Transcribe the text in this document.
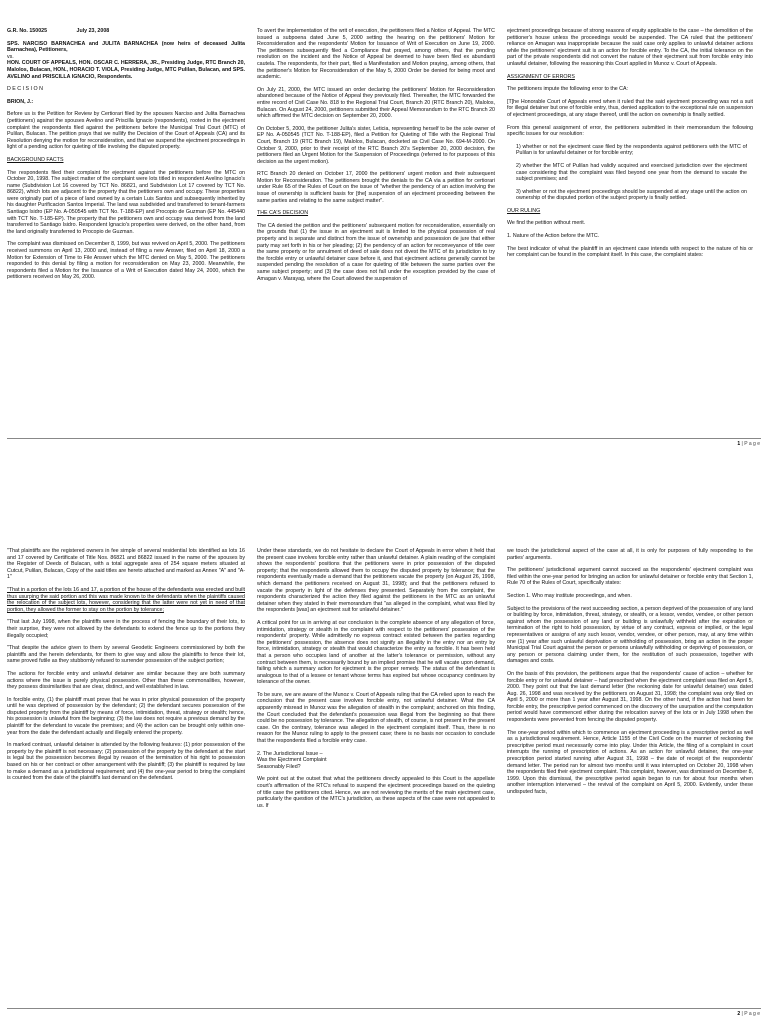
G.R. No. 150025	July 23, 2008

SPS. NARCISO BARNACHEA and JULITA BARNACHEA (now heirs of deceased Julita Barnachea), Petitioners,

vs.

HON. COURT OF APPEALS, HON. OSCAR C. HERRERA, JR., Presiding Judge, RTC Branch 20, Malolos, Bulacan, HON., HORACIO T. VIOLA, Presiding Judge, MTC Pulilan, Bulacan, and SPS. AVELINO and PRISCILLA IGNACIO, Respondents.

D E C I S I O N

BRION, J.:

Before us is the Petition for Review by Certiorari filed by the spouses Narciso and Julita Barnachea (petitioners) against the spouses Avelino and Priscilla Ignacio (respondents), rooted in the ejectment complaint the respondents filed against the petitioners before the Municipal Trial Court (MTC) of Pulilan, Bulacan. The petition prays that we nullify the Decision of the Court of Appeals (CA) and its Resolution denying the motion for reconsideration, and that we suspend the ejectment proceedings in light of a pending action for quieting of title involving the disputed property.

BACKGROUND FACTS

The respondents filed their complaint for ejectment against the petitioners before the MTC on October 20, 1998. The subject matter of the complaint were lots titled in respondent Avelino Ignacio's name (Subdivision Lot 16 covered by TCT No. 86821, and Subdivision Lot 17 covered by TCT No. 86822), which lots are adjacent to the property that the petitioners own and occupy. These properties were originally part of a piece of land owned by a certain Luis Santos and subsequently inherited by his daughter Purificacion Santos Imperial. The land was subdivided and transferred to tenant-farmers Santiago Isidro (EP No. A-050545 with TCT No. T-188-EP) and Procopio de Guzman (EP No. 445440 with TCT No. T-185-EP). The property that the petitioners own and occupy was derived from the land transferred to Santiago Isidro. Respondent Ignacio's properties were derived, on the other hand, from the land originally transferred to Procopio de Guzman.

The complaint was dismissed on December 8, 1999, but was revived on April 5, 2000. The petitioners received summons on April 13, 2000 and, instead of filing a new Answer, filed on April 18, 2000 a Motion for Extension of Time to File Answer which the MTC denied on May 5, 2000. The petitioners responded to this denial by filing a motion for reconsideration on May 23, 2000. Meanwhile, the respondents filed a Motion for the Issuance of a Writ of Execution dated May 24, 2000, which the petitioners received on May 26, 2000.

To avert the implementation of the writ of execution, the petitioners filed a Notice of Appeal. The MTC issued a subpoena dated June 5, 2000 setting the hearing on the petitioners' Motion for Reconsideration and the respondents' Motion for Issuance of Writ of Execution on June 19, 2000. The petitioners subsequently filed a Compliance that prayed, among others, that the pending resolution on the incident and the Notice of Appeal be deemed to have been filed ex abundanti cautela. The respondents, for their part, filed a Manifestation and Motion praying, among others, that the petitioner's Motion for Reconsideration of the May 5, 2000 Order be denied for being moot and academic.

On July 21, 2000, the MTC issued an order declaring the petitioners' Motion for Reconsideration abandoned because of the Notice of Appeal they previously filed. Thereafter, the MTC forwarded the entire record of Civil Case No. 818 to the Regional Trial Court, Branch 20 (RTC Branch 20), Malolos, Bulacan. On August 24, 2000, petitioners submitted their Appeal Memorandum to the RTC Branch 20 which affirmed the MTC decision on September 20, 2000.

On October 5, 2000, the petitioner Julita's sister, Leticia, representing herself to be the sole owner of EP No. A-050545 (TCT No. T-188-EP), filed a Petition for Quieting of Title with the Regional Trial Court, Branch 19 (RTC Branch 19), Malolos, Bulacan, docketed as Civil Case No. 694-M-2000. On October 9, 2000, prior to their receipt of the RTC Branch 20's September 20, 2000 decision, the petitioners filed an Urgent Motion for the Suspension of Proceedings (referred to for purposes of this decision as the urgent motion).

RTC Branch 20 denied on October 17, 2000 the petitioners' urgent motion and their subsequent Motion for Reconsideration. The petitioners brought the denials to the CA via a petition for certiorari under Rule 65 of the Rules of Court on the issue of "whether the pendency of an action involving the issue of ownership is sufficient basis for [the] suspension of an ejectment proceeding between the same parties and relating to the same subject matter".

THE CA'S DECISION

The CA denied the petition and the petitioners' subsequent motion for reconsideration, essentially on the grounds that (1) the issue in an ejectment suit is limited to the physical possession of real property and is separate and distinct from the issue of ownership and possession de jure that either party may set forth in his or her pleading; (2) the pendency of an action for reconveyance of title over the same property or for annulment of deed of sale does not divest the MTC of its jurisdiction to try the forcible entry or unlawful detainer case before it, and that ejectment actions generally cannot be suspended pending the resolution of a case for quieting of title between the same parties over the same subject property; and (3) the case does not fall under the exception provided by the case of Amagan v. Marayag, where the Court allowed the suspension of

ejectment proceedings because of strong reasons of equity applicable to the case – the demolition of the petitioner's house unless the proceedings would be suspended. The CA ruled that the petitioners' reliance on Amagan was inappropriate because the said case only applies to unlawful detainer actions while the petitioners' ejectment suit is an action for forcible entry. To the CA, the initial tolerance on the part of the private respondents did not convert the nature of their ejectment suit from forcible entry into unlawful detainer, following the reasoning this Court applied in Munoz v. Court of Appeals.

ASSIGNMENT OF ERRORS

The petitioners impute the following error to the CA:

[T]he Honorable Court of Appeals erred when it ruled that the said ejectment proceeding was not a suit for illegal detainer but one of forcible entry, thus, denied application to the exceptional rule on suspension of ejectment proceedings, at any stage thereof, until the action on ownership is finally settled.

From this general assignment of error, the petitioners submitted in their memorandum the following specific issues for our resolution:

1) whether or not the ejectment case filed by the respondents against petitioners with the MTC of Pulilan is for unlawful detainer or for forcible entry;

2) whether the MTC of Pulilan had validly acquired and exercised jurisdiction over the ejectment case considering that the complaint was filed beyond one year from the demand to vacate the subject premises; and

3) whether or not the ejectment proceedings should be suspended at any stage until the action on ownership of the disputed portion of the subject property is finally settled.

OUR RULING

We find the petition without merit.

1. Nature of the Action before the MTC.

The best indicator of what the plaintiff in an ejectment case intends with respect to the nature of his or her complaint can be found in the complaint itself. In this case, the complaint states:

1 | P a g e

"That plaintiffs are the registered owners in fee simple of several residential lots identified as lots 16 and 17 covered by Certificate of Title Nos. 86821 and 86822 issued in the name of the spouses by the Register of Deeds of Bulacan, with a total aggregate area of 254 square meters situated at Cutcut, Pulilan, Bulacan, Copy of the said titles are hereto attached and marked as Annex "A" and "A-1"

"That in a portion of the lots 16 and 17, a portion of the house of the defendants was erected and built thus usurping the said portion and this was made known to the defendants when the plaintiffs caused the relocation of the subject lots, however, considering that the latter were not yet in need of that portion, they allowed the former to stay on the portion by tolerance;

"That last July 1998, when the plaintiffs were in the process of fencing the boundary of their lots, to their surprise, they were not allowed by the defendants to extend the fence up to the portions they illegally occupied;

"That despite the advice given to them by several Geodetic Engineers commissioned by both the plaintiffs and the herein defendants, for them to give way and allow the plaintiffs to fence their lot, same proved futile as they stubbornly refused to surrender possession of the subject portion;

The actions for forcible entry and unlawful detainer are similar because they are both summary actions where the issue is purely physical possession. Other than these commonalities, however, they possess dissimilarities that are clear, distinct, and well established in law.

In forcible entry, (1) the plaintiff must prove that he was in prior physical possession of the property until he was deprived of possession by the defendant; (2) the defendant secures possession of the disputed property from the plaintiff by means of force, intimidation, threat, strategy or stealth; hence, his possession is unlawful from the beginning; (3) the law does not require a previous demand by the plaintiff for the defendant to vacate the premises; and (4) the action can be brought only within one-year from the date the defendant actually and illegally entered the property.

In marked contrast, unlawful detainer is attended by the following features: (1) prior possession of the property by the plaintiff is not necessary; (2) possession of the property by the defendant at the start is legal but the possession becomes illegal by reason of the termination of his right to possession based on his or her contract or other arrangement with the plaintiff; (3) the plaintiff is required by law to make a demand as a jurisdictional requirement; and (4) the one-year period to bring the complaint is counted from the date of the plaintiff's last demand on the defendant.

Under these standards, we do not hesitate to declare the Court of Appeals in error when it held that the present case involves forcible entry rather than unlawful detainer. A plain reading of the complaint shows the respondents' positions that the petitioners were in prior possession of the disputed property; that the respondents allowed them to occupy the disputed property by tolerance; that the respondents eventually made a demand that the petitioners vacate the property (on August 26, 1998, which demand the petitioners received on August 31, 1998); and that the petitioners refused to vacate the property in light of the defenses they presented. Separately from the complaint, the respondents characterized the action they filed against the petitioners in the MTC as an unlawful detainer when they stated in their memorandum that "as alleged in the complaint, what was filed by the respondents [was] an ejectment suit for unlawful detainer."

A critical point for us in arriving at our conclusion is the complete absence of any allegation of force, intimidation, strategy or stealth in the complaint with respect to the petitioners' possession of the respondents' property. While admittedly no express contract existed between the parties regarding the petitioners' possession, the absence does not signify an illegality in the entry nor an entry by force, intimidation, strategy or stealth that would characterize the entry as forcible. It has been held that a person who occupies land of another at the latter's tolerance or permission, without any contract between them, is necessarily bound by an implied promise that he will vacate upon demand, failing which a summary action for ejectment is the proper remedy. The status of the defendant is analogous to that of a lessee or tenant whose terms has expired but whose occupancy continues by tolerance of the owner.

To be sure, we are aware of the Munoz v. Court of Appeals ruling that the CA relied upon to reach the conclusion that the present case involves forcible entry, not unlawful detainer. What the CA apparently misread in Munoz was the allegation of stealth in the complaint; anchored on this finding, the Court concluded that the defendant's possession was illegal from the beginning so that there could be no possession by tolerance. The allegation of stealth, of course, is not present in the present case. On the contrary, tolerance was alleged in the ejectment complaint itself. Thus, there is no reason for the Munoz ruling to apply to the present case; there is no basis nor occasion to conclude that the respondents filed a forcible entry case.

2. The Jurisdictional Issue –

Was the Ejectment Complaint

Seasonably Filed?

We point out at the outset that what the petitioners directly appealed to this Court is the appellate court's affirmation of the RTC's refusal to suspend the ejectment proceedings based on the quieting of title case the petitioners cited. Hence, we are not reviewing the merits of the main ejectment case, particularly the question of the MTC's jurisdiction, as these aspects of the case were not appealed to us. If

we touch the jurisdictional aspect of the case at all, it is only for purposes of fully responding to the parties' arguments.

The petitioners' jurisdictional argument cannot succeed as the respondents' ejectment complaint was filed within the one-year period for bringing an action for unlawful detainer or forcible entry that Section 1, Rule 70 of the Rules of Court, specifically states:

Section 1. Who may institute proceedings, and when.

Subject to the provisions of the next succeeding section, a person deprived of the possession of any land or building by force, intimidation, threat, strategy, or stealth, or a lessor, vendor, vendee, or other person against whom the possession of any land or building is unlawfully withheld after the expiration or termination of the right to hold possession, by virtue of any contract, express or implied, or the legal representatives or assigns of any such lessor, vendor, vendee, or other person, may, at any time within one (1) year after such unlawful deprivation or withholding of possession, bring an action in the proper Municipal Trial Court against the person or persons unlawfully withholding or depriving of possession, or any person or persons claiming under them, for the restitution of such possession, together with damages and costs.

On the basis of this provision, the petitioners argue that the respondents' cause of action – whether for forcible entry or for unlawful detainer – had prescribed when the ejectment complaint was filed on April 5, 2000. They point out that the last demand letter (the reckoning date for unlawful detainer) was dated Aug. 26, 1998 and was received by the petitioners on August 31, 1998; the complaint was only filed on April 5, 2000 or more than 1 year after August 31, 1998. On the other hand, if the action had been for forcible entry, the prescriptive period commenced on the discovery of the usurpation and the computation period would have commenced either during the relocation survey of the lots or in July 1998 when the respondents were prevented from fencing the disputed property.

The one-year period within which to commence an ejectment proceeding is a prescriptive period as well as a jurisdictional requirement. Hence, Article 1155 of the Civil Code on the manner of reckoning the prescriptive period must necessarily come into play. Under this Article, the filing of a complaint in court interrupts the running of prescription of actions. As an action for unlawful detainer, the one-year prescription period started running after August 31, 1998 – the date of receipt of the respondents' demand letter. The period ran for almost two months until it was interrupted on October 20, 1998 when the respondents filed their ejectment complaint. This complaint, however, was dismissed on December 8, 1999. Upon this dismissal, the prescriptive period again began to run for about four months when another interruption intervened – the revival of the complaint on April 5, 2000. Evidently, under these undisputed facts,

2 | P a g e
